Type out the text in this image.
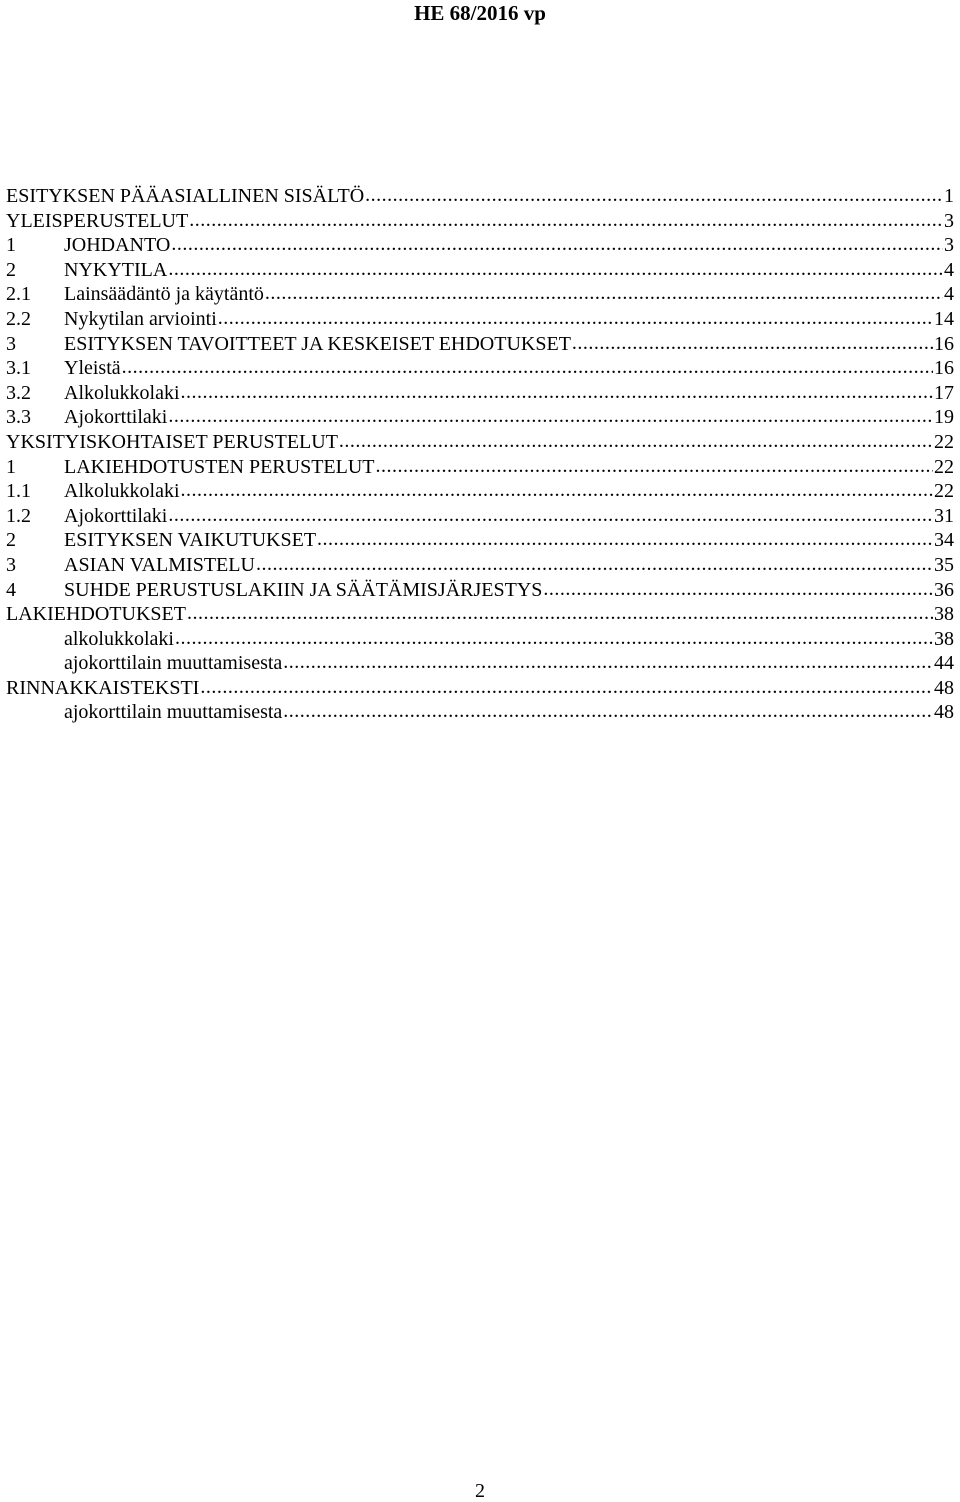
HE 68/2016 vp
ESITYKSEN PÄÄASIALLINEN SISÄLTÖ .....	1
YLEISPERUSTELUT .....	3
1	JOHDANTO .....	3
2	NYKYTILA .....	4
2.1	Lainsäädäntö ja käytäntö .....	4
2.2	Nykytilan arviointi .....	14
3	ESITYKSEN TAVOITTEET JA KESKEISET EHDOTUKSET .....	16
3.1	Yleistä .....	16
3.2	Alkolukkolaki .....	17
3.3	Ajokorttilaki .....	19
YKSITYISKOHTAISET PERUSTELUT .....	22
1	LAKIEHDOTUSTEN PERUSTELUT .....	22
1.1	Alkolukkolaki .....	22
1.2	Ajokorttilaki .....	31
2	ESITYKSEN VAIKUTUKSET .....	34
3	ASIAN VALMISTELU .....	35
4	SUHDE PERUSTUSLAKIIN JA SÄÄTÄMISJÄRJESTYS .....	36
LAKIEHDOTUKSET .....	38
alkolukkolaki .....	38
ajokorttilain muuttamisesta .....	44
RINNAKKAISTEKSTI .....	48
ajokorttilain muuttamisesta .....	48
2
